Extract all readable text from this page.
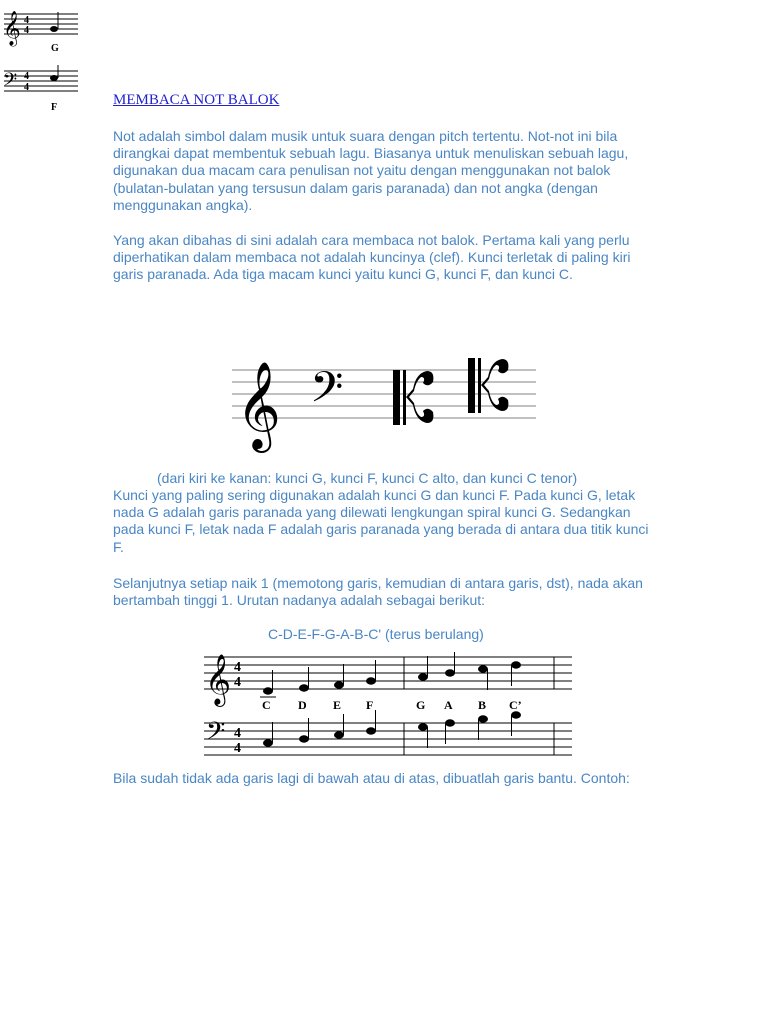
𝄞 4
4
G
𝄢 4
4
F	MEMBACA NOT BALOK

Not adalah simbol dalam musik untuk suara dengan pitch tertentu. Not-not ini bila dirangkai dapat membentuk sebuah lagu. Biasanya untuk menuliskan sebuah lagu, digunakan dua macam cara penulisan not yaitu dengan menggunakan not balok (bulatan-bulatan yang tersusun dalam garis paranada) dan not angka (dengan menggunakan angka).

Yang akan dibahas di sini adalah cara membaca not balok. Pertama kali yang perlu diperhatikan dalam membaca not adalah kuncinya (clef). Kunci terletak di paling kiri garis paranada. Ada tiga macam kunci yaitu kunci G, kunci F, dan kunci C.

𝄞 𝄢
(dari kiri ke kanan: kunci G, kunci F, kunci C alto, dan kunci C tenor)

Kunci yang paling sering digunakan adalah kunci G dan kunci F. Pada kunci G, letak nada G adalah garis paranada yang dilewati lengkungan spiral kunci G. Sedangkan pada kunci F, letak nada F adalah garis paranada yang berada di antara dua titik kunci F.

Selanjutnya setiap naik 1 (memotong garis, kemudian di antara garis, dst), nada akan bertambah tinggi 1. Urutan nadanya adalah sebagai berikut:

C-D-E-F-G-A-B-C' (terus berulang)
𝄞 4
4
𝄢 4
4
C D E F	G A B C’

Bila sudah tidak ada garis lagi di bawah atau di atas, dibuatlah garis bantu. Contoh:
